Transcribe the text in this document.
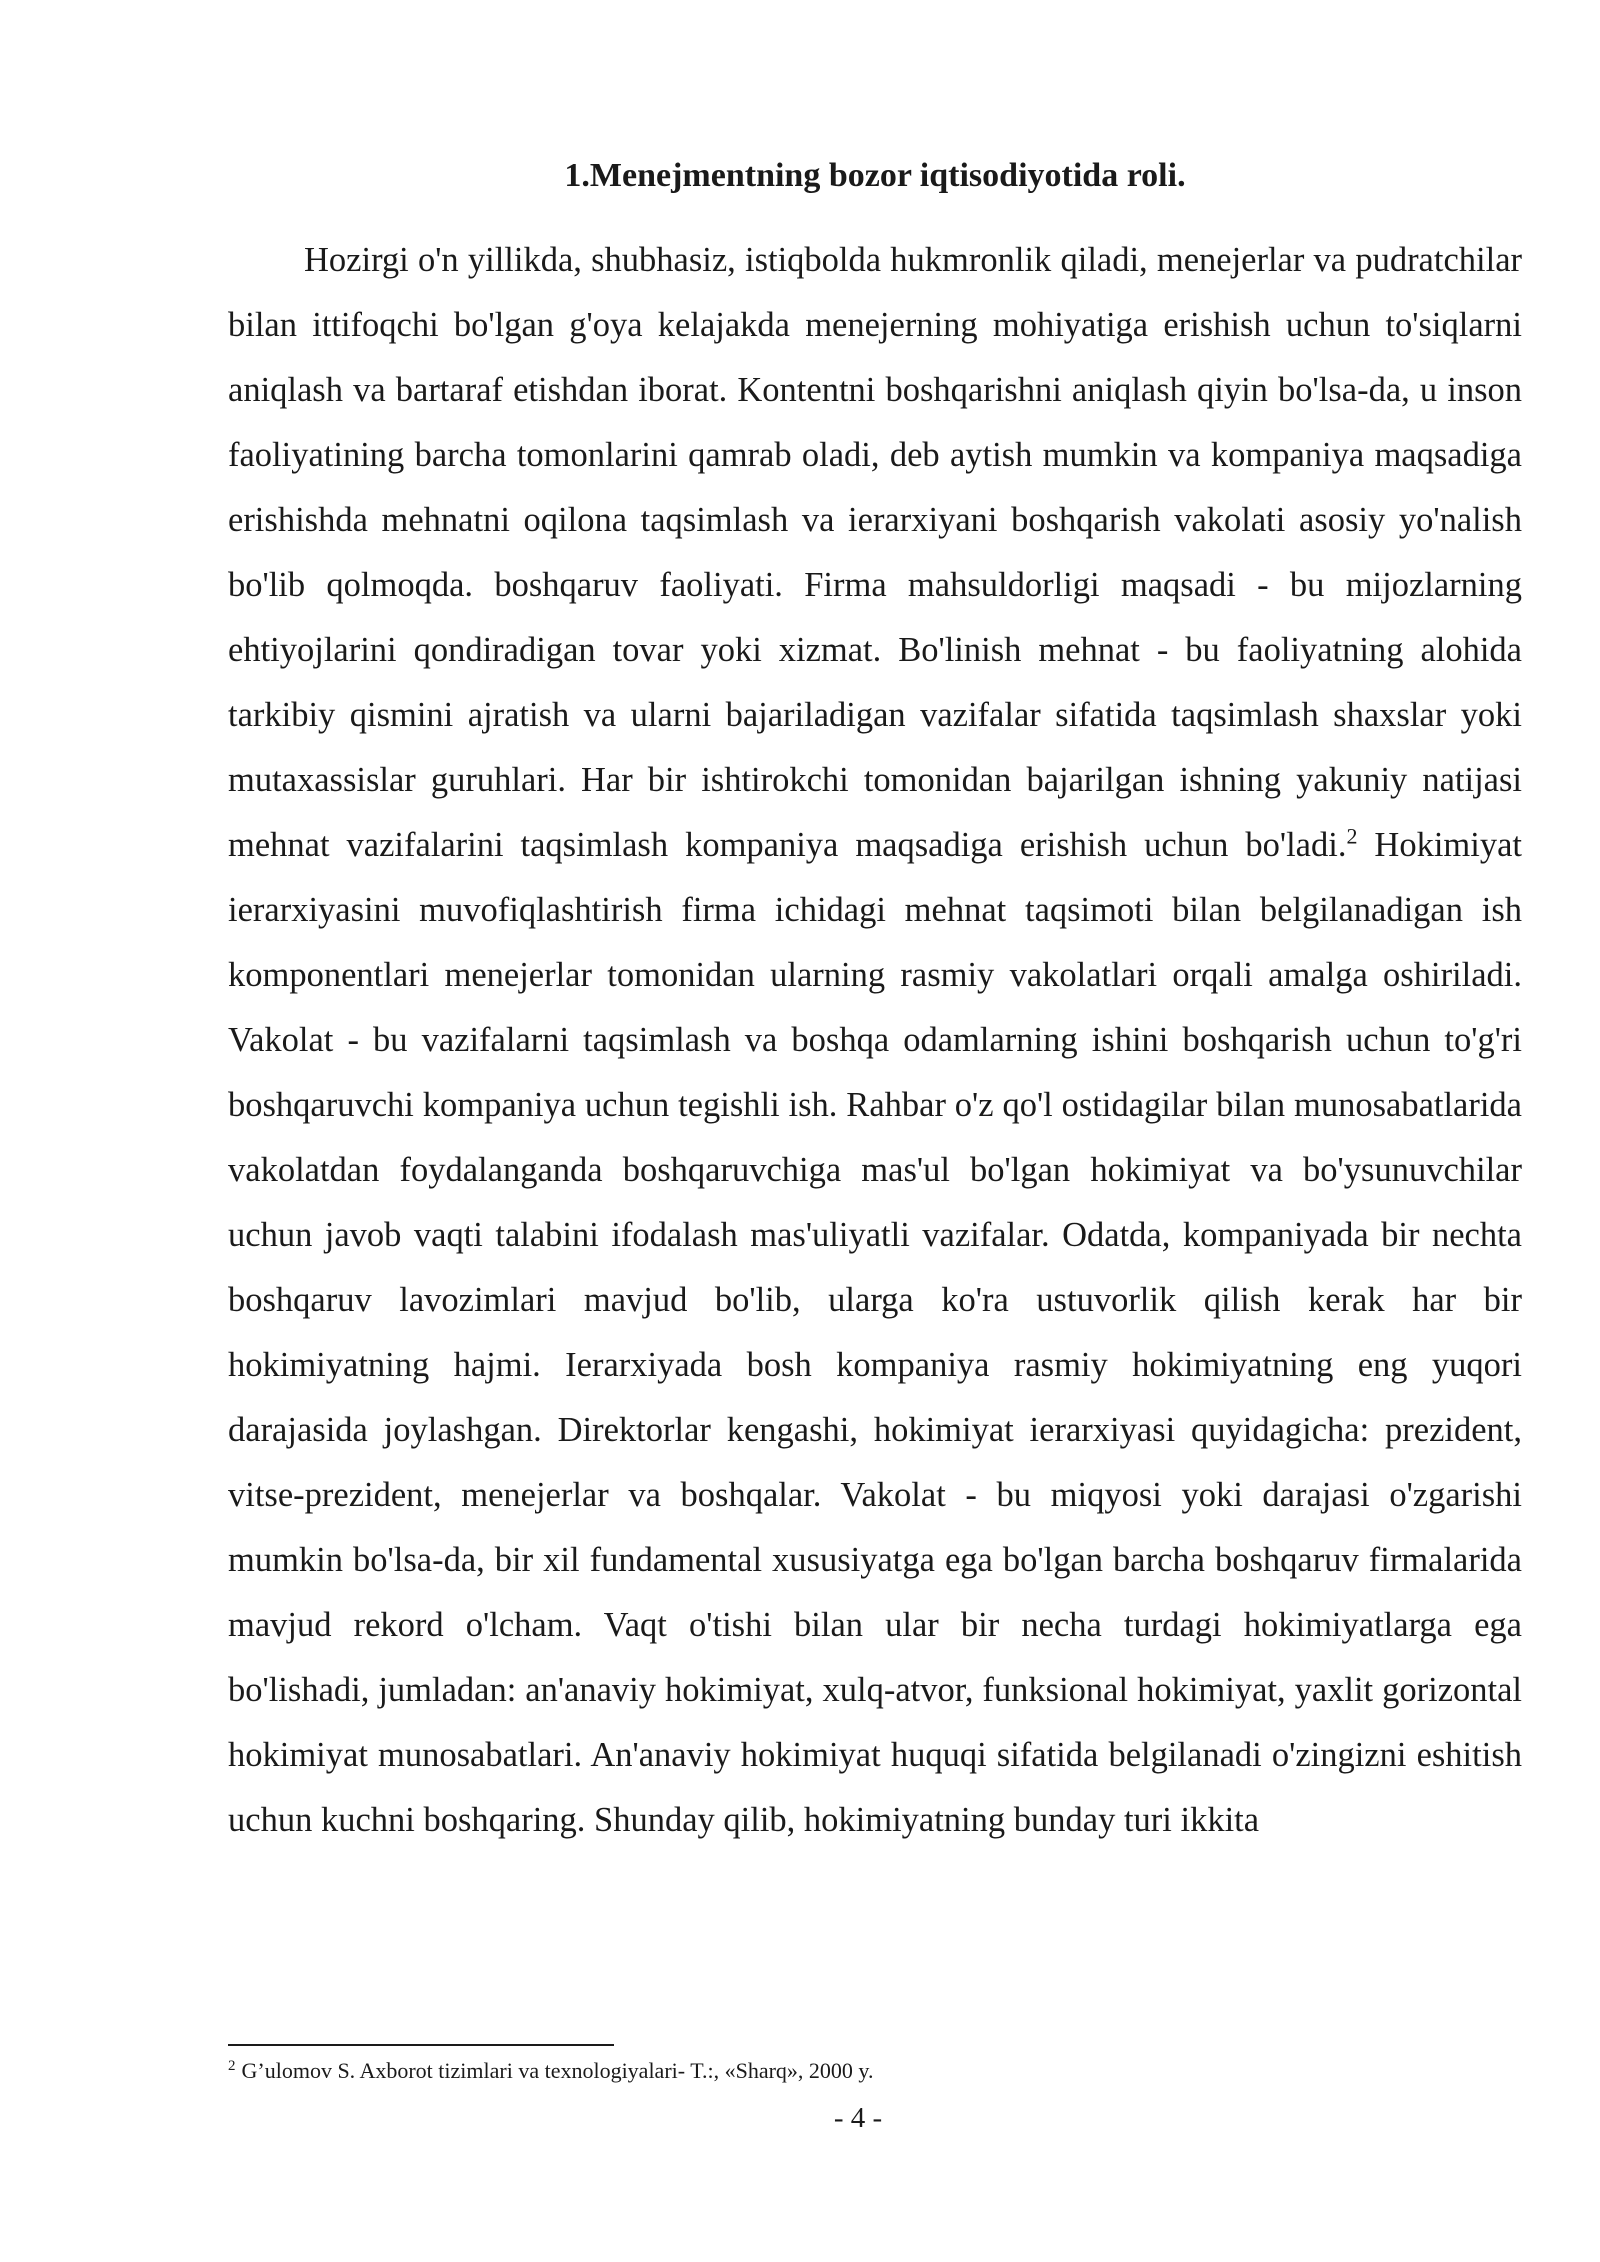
1.Menejmentning bozor iqtisodiyotida roli.

Hozirgi o'n yillikda, shubhasiz, istiqbolda hukmronlik qiladi, menejerlar va pudratchilar bilan ittifoqchi bo'lgan g'oya kelajakda menejerning mohiyatiga erishish uchun to'siqlarni aniqlash va bartaraf etishdan iborat. Kontentni boshqarishni aniqlash qiyin bo'lsa-da, u inson faoliyatining barcha tomonlarini qamrab oladi, deb aytish mumkin va kompaniya maqsadiga erishishda mehnatni oqilona taqsimlash va ierarxiyani boshqarish vakolati asosiy yo'nalish bo'lib qolmoqda. boshqaruv faoliyati. Firma mahsuldorligi maqsadi - bu mijozlarning ehtiyojlarini qondiradigan tovar yoki xizmat. Bo'linish mehnat - bu faoliyatning alohida tarkibiy qismini ajratish va ularni bajariladigan vazifalar sifatida taqsimlash shaxslar yoki mutaxassislar guruhlari. Har bir ishtirokchi tomonidan bajarilgan ishning yakuniy natijasi mehnat vazifalarini taqsimlash kompaniya maqsadiga erishish uchun bo'ladi.$^2$ Hokimiyat ierarxiyasini muvofiqlashtirish firma ichidagi mehnat taqsimoti bilan belgilanadigan ish komponentlari menejerlar tomonidan ularning rasmiy vakolatlari orqali amalga oshiriladi. Vakolat - bu vazifalarni taqsimlash va boshqa odamlarning ishini boshqarish uchun to'g'ri boshqaruvchi kompaniya uchun tegishli ish. Rahbar o'z qo'l ostidagilar bilan munosabatlarida vakolatdan foydalanganda boshqaruvchiga mas'ul bo'lgan hokimiyat va bo'ysunuvchilar uchun javob vaqti talabini ifodalash mas'uliyatli vazifalar. Odatda, kompaniyada bir nechta boshqaruv lavozimlari mavjud bo'lib, ularga ko'ra ustuvorlik qilish kerak har bir hokimiyatning hajmi. Ierarxiyada bosh kompaniya rasmiy hokimiyatning eng yuqori darajasida joylashgan. Direktorlar kengashi, hokimiyat ierarxiyasi quyidagicha: prezident, vitse-prezident, menejerlar va boshqalar. Vakolat - bu miqyosi yoki darajasi o'zgarishi mumkin bo'lsa-da, bir xil fundamental xususiyatga ega bo'lgan barcha boshqaruv firmalarida mavjud rekord o'lcham. Vaqt o'tishi bilan ular bir necha turdagi hokimiyatlarga ega bo'lishadi, jumladan: an'anaviy hokimiyat, xulq-atvor, funksional hokimiyat, yaxlit gorizontal hokimiyat munosabatlari. An'anaviy hokimiyat huquqi sifatida belgilanadi o'zingizni eshitish uchun kuchni boshqaring. Shunday qilib, hokimiyatning bunday turi ikkita

$^2$ G’ulomov S. Axborot tizimlari va texnologiyalari- T.:, «Sharq», 2000 y.

- 4 -
